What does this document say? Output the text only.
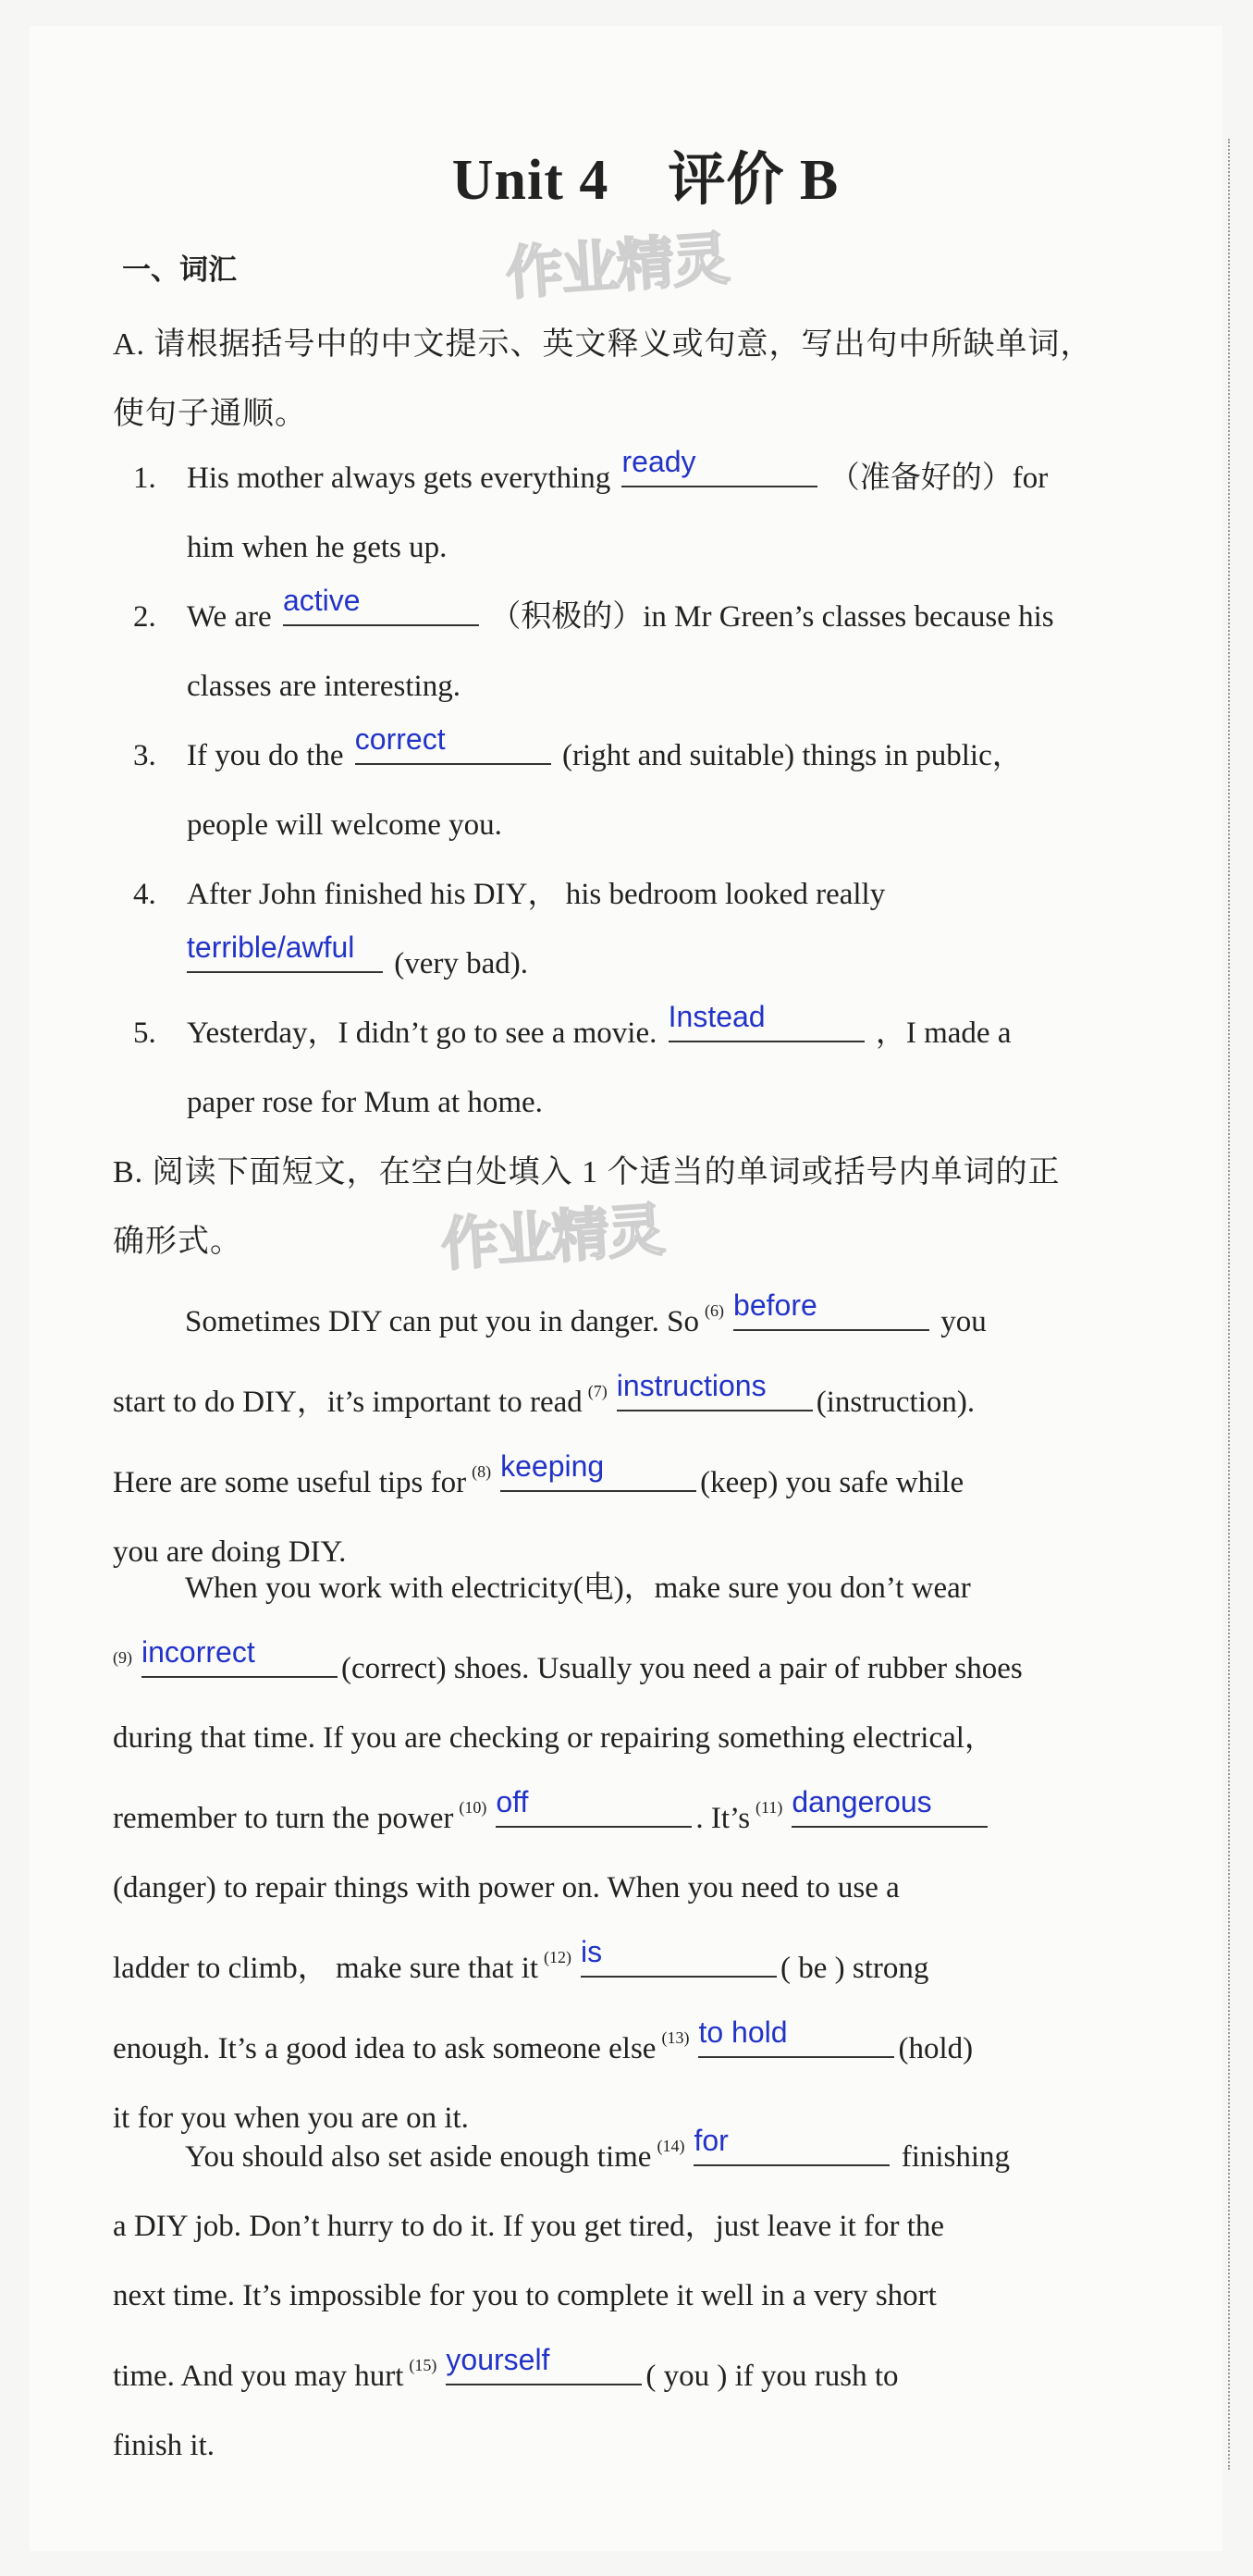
Unit 4 评价 B
一、词汇	作业精灵
A. 请根据括号中的中文提示、英文释义或句意，写出句中所缺单词，
使句子通顺。
1. His mother always gets everything ready	（准备好的）for
him when he gets up.
2. We are active	（积极的）in Mr Green’s classes because his
classes are interesting.
3. If you do the correct	(right and suitable) things in public，
people will welcome you.
4. After John finished his DIY， his bedroom looked really

terrible/awful	(very bad).
5. Yesterday，I didn’t go to see a movie. Instead	，I made a
paper rose for Mum at home.
B. 阅读下面短文，在空白处填入 1 个适当的单词或括号内单词的正
确形式。	作业精灵
Sometimes DIY can put you in danger. So $^{(6)}$ before	you
start to do DIY，it’s important to read $^{(7)}$ instructions	(instruction).
Here are some useful tips for $^{(8)}$ keeping	(keep) you safe while
you are doing DIY.
When you work with electricity(电)，make sure you don’t wear
$^{(9)}$ incorrect	(correct) shoes. Usually you need a pair of rubber shoes
during that time. If you are checking or repairing something electrical，
remember to turn the power $^{(10)}$ off	. It’s $^{(11)}$ dangerous
(danger) to repair things with power on. When you need to use a
ladder to climb， make sure that it $^{(12)}$ is	( be ) strong
enough. It’s a good idea to ask someone else $^{(13)}$ to hold	(hold)
it for you when you are on it.
You should also set aside enough time $^{(14)}$ for	finishing
a DIY job. Don’t hurry to do it. If you get tired，just leave it for the
next time. It’s impossible for you to complete it well in a very short
time. And you may hurt $^{(15)}$ yourself	( you ) if you rush to
finish it.
